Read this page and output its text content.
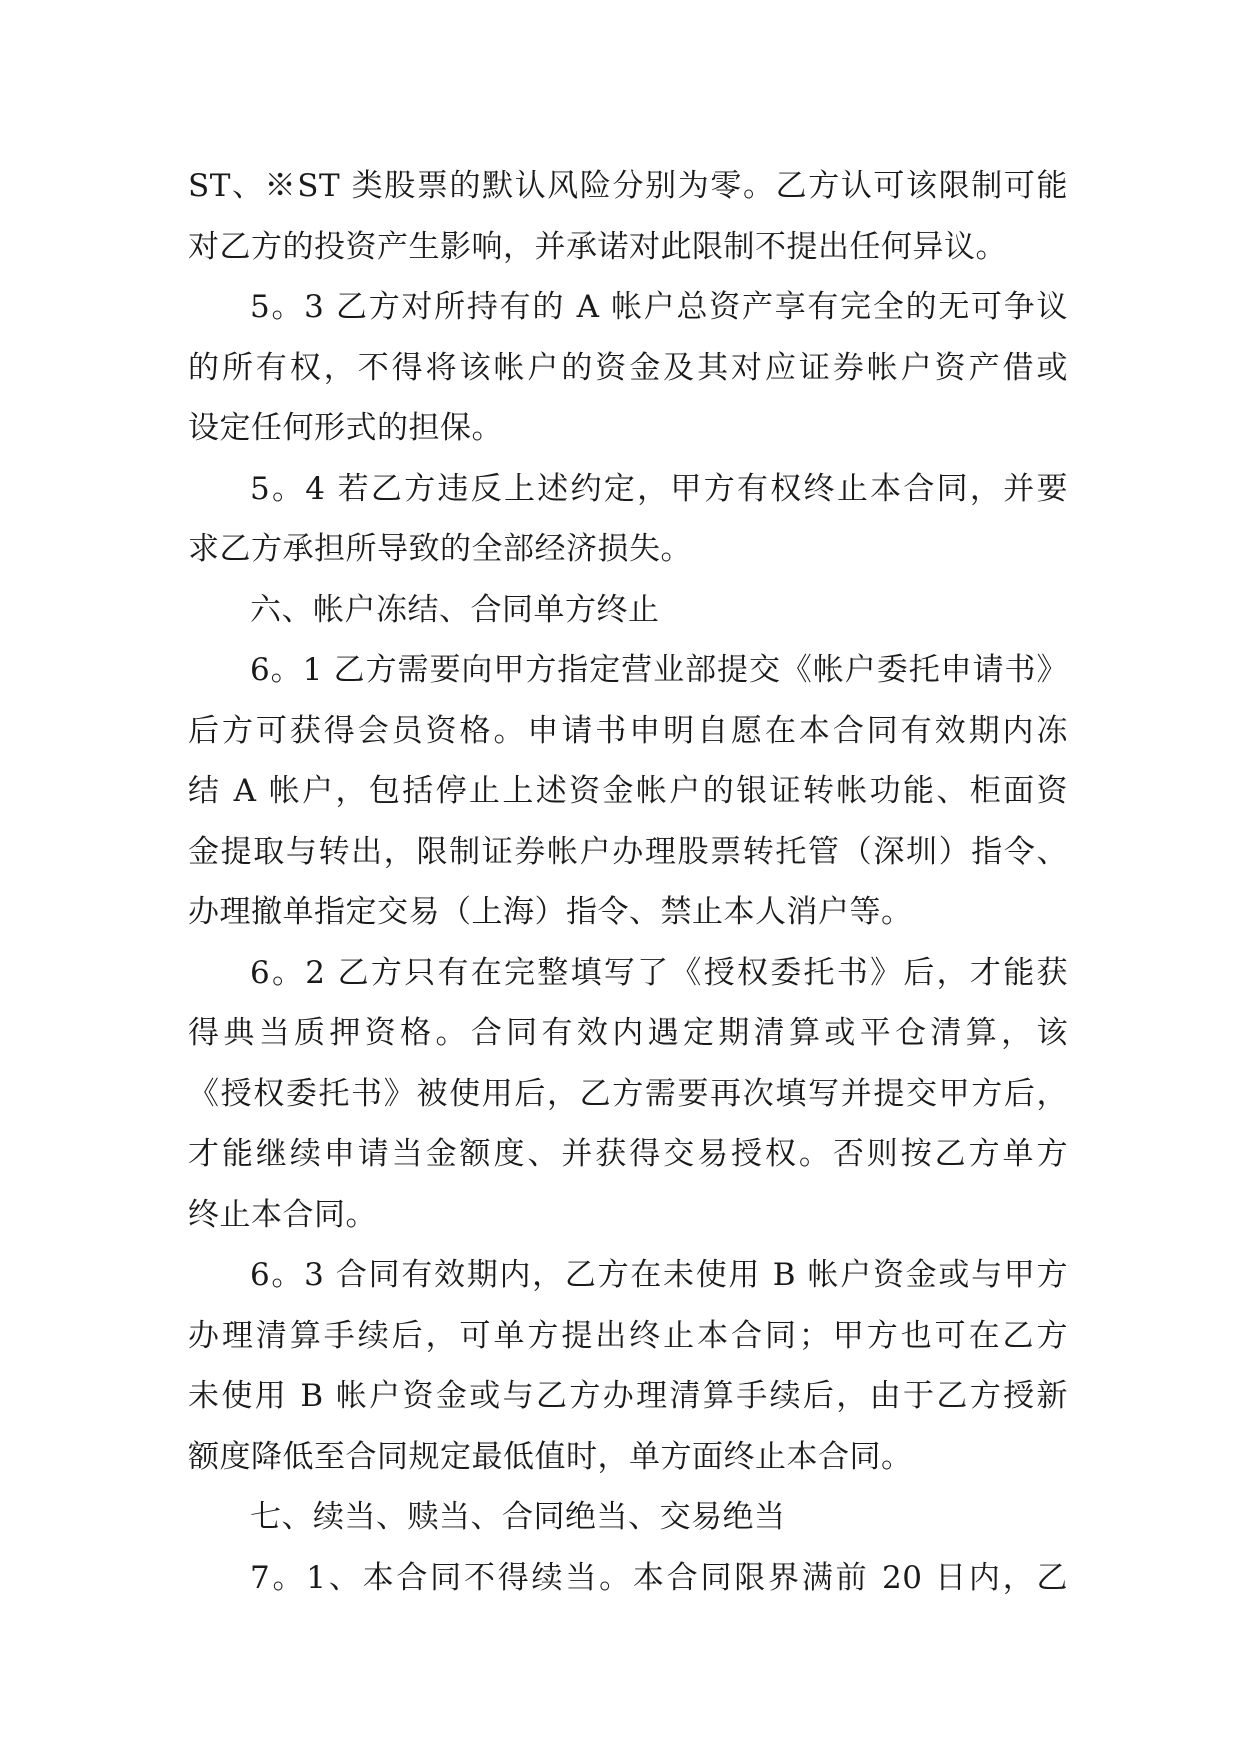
ST、※ST 类股票的默认风险分别为零。乙方认可该限制可能
对乙方的投资产生影响，并承诺对此限制不提出任何异议。
5。3 乙方对所持有的 A 帐户总资产享有完全的无可争议
的所有权，不得将该帐户的资金及其对应证券帐户资产借或
设定任何形式的担保。
5。4 若乙方违反上述约定，甲方有权终止本合同，并要
求乙方承担所导致的全部经济损失。
六、帐户冻结、合同单方终止
6。1 乙方需要向甲方指定营业部提交《帐户委托申请书》
后方可获得会员资格。申请书申明自愿在本合同有效期内冻
结 A 帐户，包括停止上述资金帐户的银证转帐功能、柜面资
金提取与转出，限制证券帐户办理股票转托管（深圳）指令、
办理撤单指定交易（上海）指令、禁止本人消户等。
6。2 乙方只有在完整填写了《授权委托书》后，才能获
得典当质押资格。合同有效内遇定期清算或平仓清算，该
《授权委托书》被使用后，乙方需要再次填写并提交甲方后，
才能继续申请当金额度、并获得交易授权。否则按乙方单方
终止本合同。
6。3 合同有效期内，乙方在未使用 B 帐户资金或与甲方
办理清算手续后，可单方提出终止本合同；甲方也可在乙方
未使用 B 帐户资金或与乙方办理清算手续后，由于乙方授新
额度降低至合同规定最低值时，单方面终止本合同。
七、续当、赎当、合同绝当、交易绝当
7。1、本合同不得续当。本合同限界满前 20 日内，乙
